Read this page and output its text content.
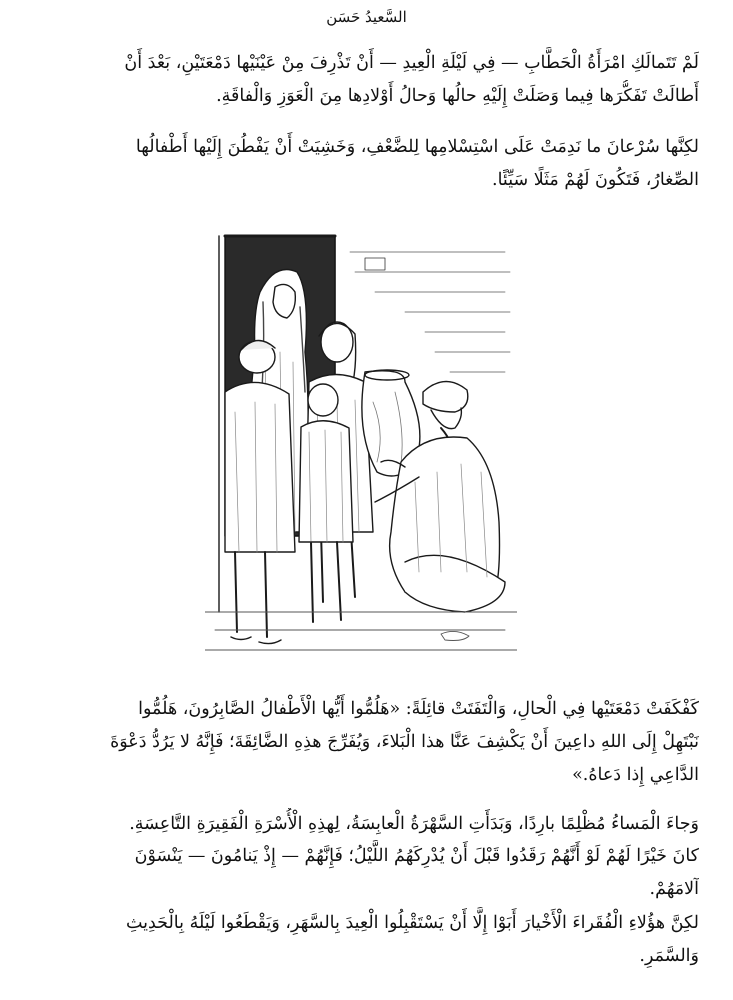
السَّعيدُ حَسَن

لَمْ تَتَمالَكِ امْرَأَةُ الْحَطَّابِ — فِي لَيْلَةِ الْعِيدِ — أَنْ تَذْرِفَ مِنْ عَيْنَيْها دَمْعَتَيْنِ، بَعْدَ أَنْ
أَطالَتْ تَفَكُّرَها فِيما وَصَلَتْ إِلَيْهِ حالُها وَحالُ أَوْلادِها مِنَ الْعَوَزِ وَالْفاقَةِ.

لكِنَّها سُرْعانَ ما نَدِمَتْ عَلَى اسْتِسْلامِها لِلضَّعْفِ، وَخَشِيَتْ أَنْ يَفْطُنَ إِلَيْها أَطْفالُها
الصِّغارُ، فَتَكُونَ لَهُمْ مَثَلًا سَيِّئًا.

كَفْكَفَتْ دَمْعَتَيْها فِي الْحالِ، وَالْتَفَتَتْ قائِلَةً: «هَلُمُّوا أَيُّها الْأَطْفالُ الصَّابِرُونَ، هَلُمُّوا
نَبْتَهِلْ إِلَى اللهِ داعِينَ أَنْ يَكْشِفَ عَنَّا هذا الْبَلاءَ، وَيُفَرِّجَ هذِهِ الضَّائِقَةَ؛ فَإِنَّهُ لا يَرُدُّ دَعْوَةَ
الدَّاعِي إِذا دَعاهُ.»

وَجاءَ الْمَساءُ مُظْلِمًا بارِدًا، وَبَدَأَتِ السَّهْرَةُ الْعابِسَةُ، لِهذِهِ الْأُسْرَةِ الْفَقِيرَةِ التَّاعِسَةِ.

كانَ خَيْرًا لَهُمْ لَوْ أَنَّهُمْ رَقَدُوا قَبْلَ أَنْ يُدْرِكَهُمُ اللَّيْلُ؛ فَإِنَّهُمْ — إِذْ يَنامُونَ — يَنْسَوْنَ
آلامَهُمْ.

لكِنَّ هؤُلاءِ الْفُقَراءَ الْأَخْيارَ أَبَوْا إِلَّا أَنْ يَسْتَقْبِلُوا الْعِيدَ بِالسَّهَرِ، وَيَقْطَعُوا لَيْلَهُ بِالْحَدِيثِ
وَالسَّمَرِ.
